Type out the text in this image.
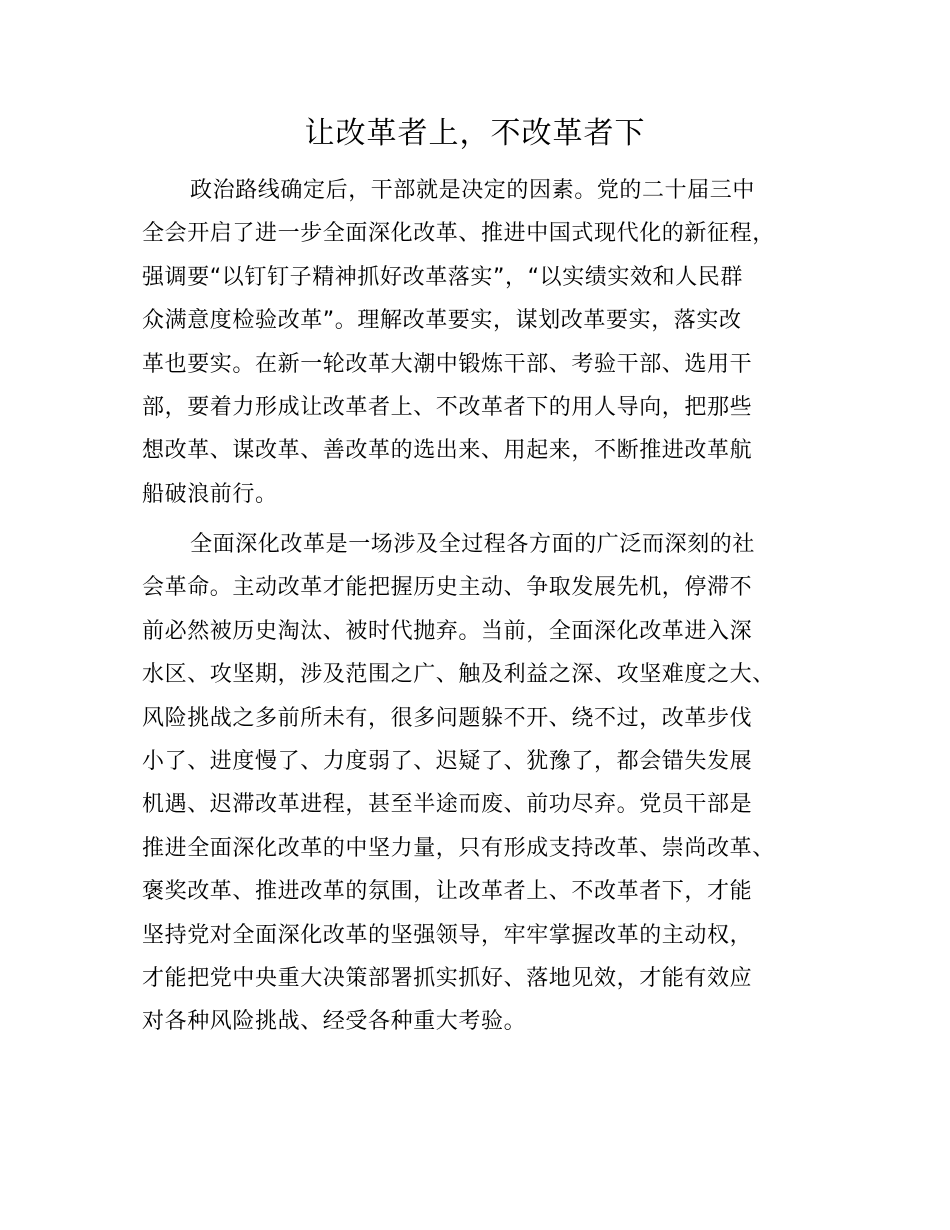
让改革者上，不改革者下
政治路线确定后，干部就是决定的因素。党的二十届三中
全会开启了进一步全面深化改革、推进中国式现代化的新征程，
强调要“以钉钉子精神抓好改革落实”，“以实绩实效和人民群
众满意度检验改革”。理解改革要实，谋划改革要实，落实改
革也要实。在新一轮改革大潮中锻炼干部、考验干部、选用干
部，要着力形成让改革者上、不改革者下的用人导向，把那些
想改革、谋改革、善改革的选出来、用起来，不断推进改革航
船破浪前行。
全面深化改革是一场涉及全过程各方面的广泛而深刻的社
会革命。主动改革才能把握历史主动、争取发展先机，停滞不
前必然被历史淘汰、被时代抛弃。当前，全面深化改革进入深
水区、攻坚期，涉及范围之广、触及利益之深、攻坚难度之大、
风险挑战之多前所未有，很多问题躲不开、绕不过，改革步伐
小了、进度慢了、力度弱了、迟疑了、犹豫了，都会错失发展
机遇、迟滞改革进程，甚至半途而废、前功尽弃。党员干部是
推进全面深化改革的中坚力量，只有形成支持改革、崇尚改革、
褒奖改革、推进改革的氛围，让改革者上、不改革者下，才能
坚持党对全面深化改革的坚强领导，牢牢掌握改革的主动权，
才能把党中央重大决策部署抓实抓好、落地见效，才能有效应
对各种风险挑战、经受各种重大考验。
